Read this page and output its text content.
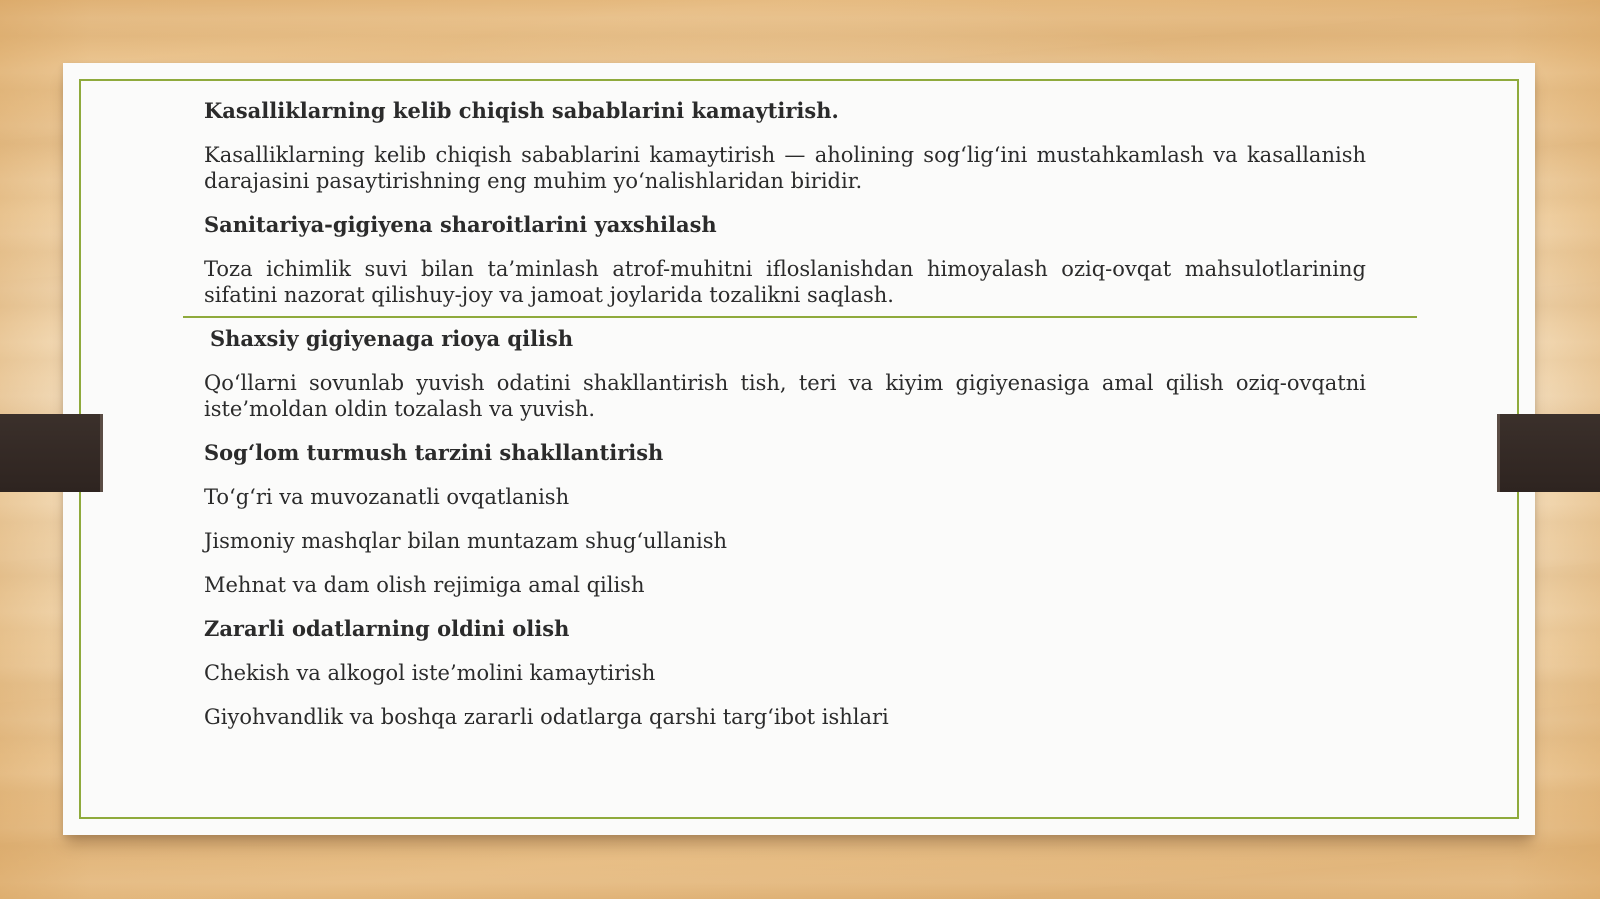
Kasalliklarning kelib chiqish sabablarini kamaytirish.

Kasalliklarning kelib chiqish sabablarini kamaytirish — aholining sog‘lig‘ini mustahkamlash va kasallanish darajasini pasaytirishning eng muhim yo‘nalishlaridan biridir.

Sanitariya-gigiyena sharoitlarini yaxshilash

Toza ichimlik suvi bilan ta’minlash atrof-muhitni ifloslanishdan himoyalash oziq-ovqat mahsulotlarining sifatini nazorat qilishuy-joy va jamoat joylarida tozalikni saqlash.

Shaxsiy gigiyenaga rioya qilish

Qo‘llarni sovunlab yuvish odatini shakllantirish tish, teri va kiyim gigiyenasiga amal qilish oziq-ovqatni iste’moldan oldin tozalash va yuvish.

Sog‘lom turmush tarzini shakllantirish

To‘g‘ri va muvozanatli ovqatlanish

Jismoniy mashqlar bilan muntazam shug‘ullanish

Mehnat va dam olish rejimiga amal qilish

Zararli odatlarning oldini olish

Chekish va alkogol iste’molini kamaytirish

Giyohvandlik va boshqa zararli odatlarga qarshi targ‘ibot ishlari
